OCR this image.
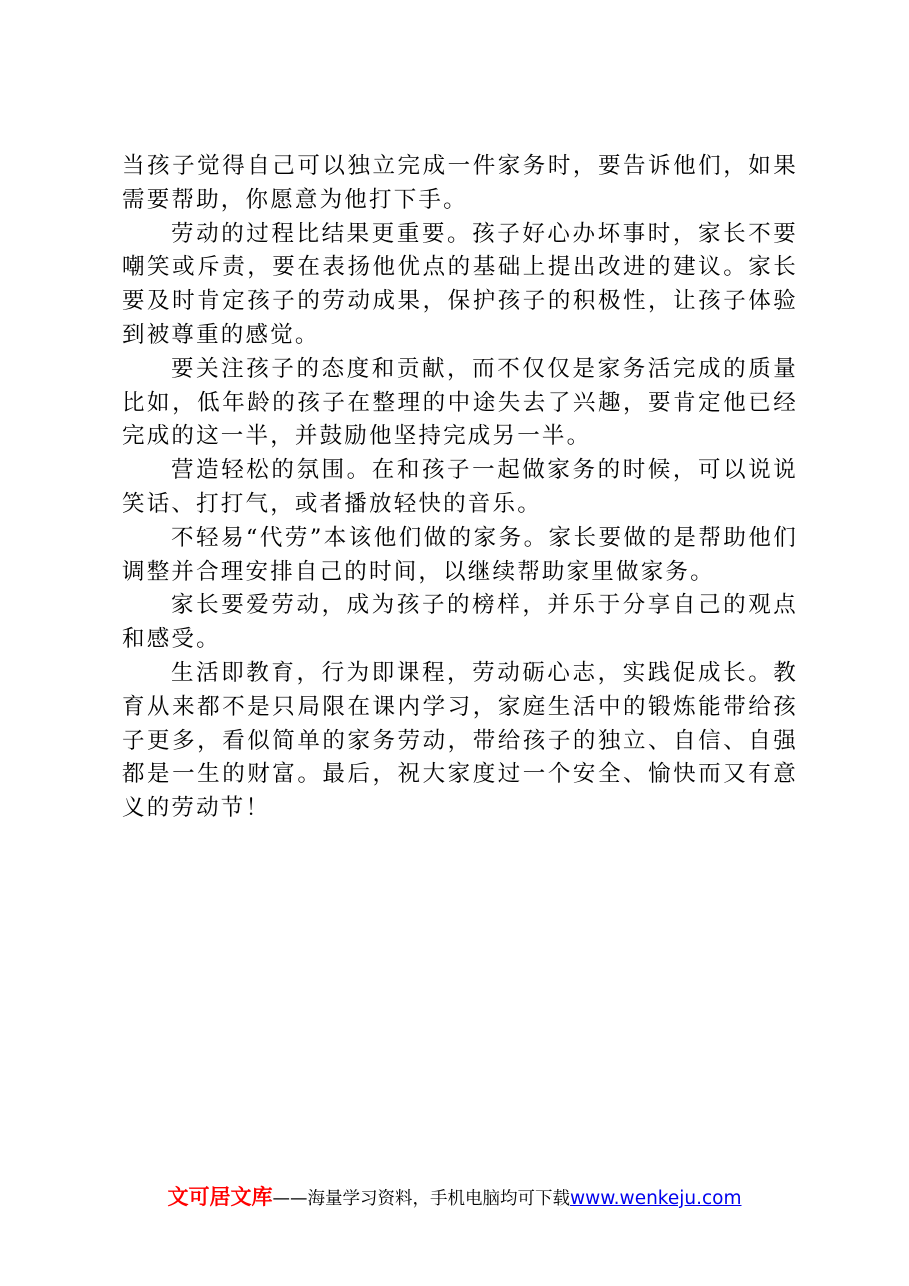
当孩子觉得自己可以独立完成一件家务时，要告诉他们，如果需要帮助，你愿意为他打下手。

劳动的过程比结果更重要。孩子好心办坏事时，家长不要嘲笑或斥责，要在表扬他优点的基础上提出改进的建议。家长要及时肯定孩子的劳动成果，保护孩子的积极性，让孩子体验到被尊重的感觉。

要关注孩子的态度和贡献，而不仅仅是家务活完成的质量比如，低年龄的孩子在整理的中途失去了兴趣，要肯定他已经完成的这一半，并鼓励他坚持完成另一半。

营造轻松的氛围。在和孩子一起做家务的时候，可以说说笑话、打打气，或者播放轻快的音乐。

不轻易“代劳”本该他们做的家务。家长要做的是帮助他们调整并合理安排自己的时间，以继续帮助家里做家务。

家长要爱劳动，成为孩子的榜样，并乐于分享自己的观点和感受。

生活即教育，行为即课程，劳动砺心志，实践促成长。教育从来都不是只局限在课内学习，家庭生活中的锻炼能带给孩子更多，看似简单的家务劳动，带给孩子的独立、自信、自强都是一生的财富。最后，祝大家度过一个安全、愉快而又有意义的劳动节！

文可居文库——海量学习资料，手机电脑均可下载www.wenkeju.com
